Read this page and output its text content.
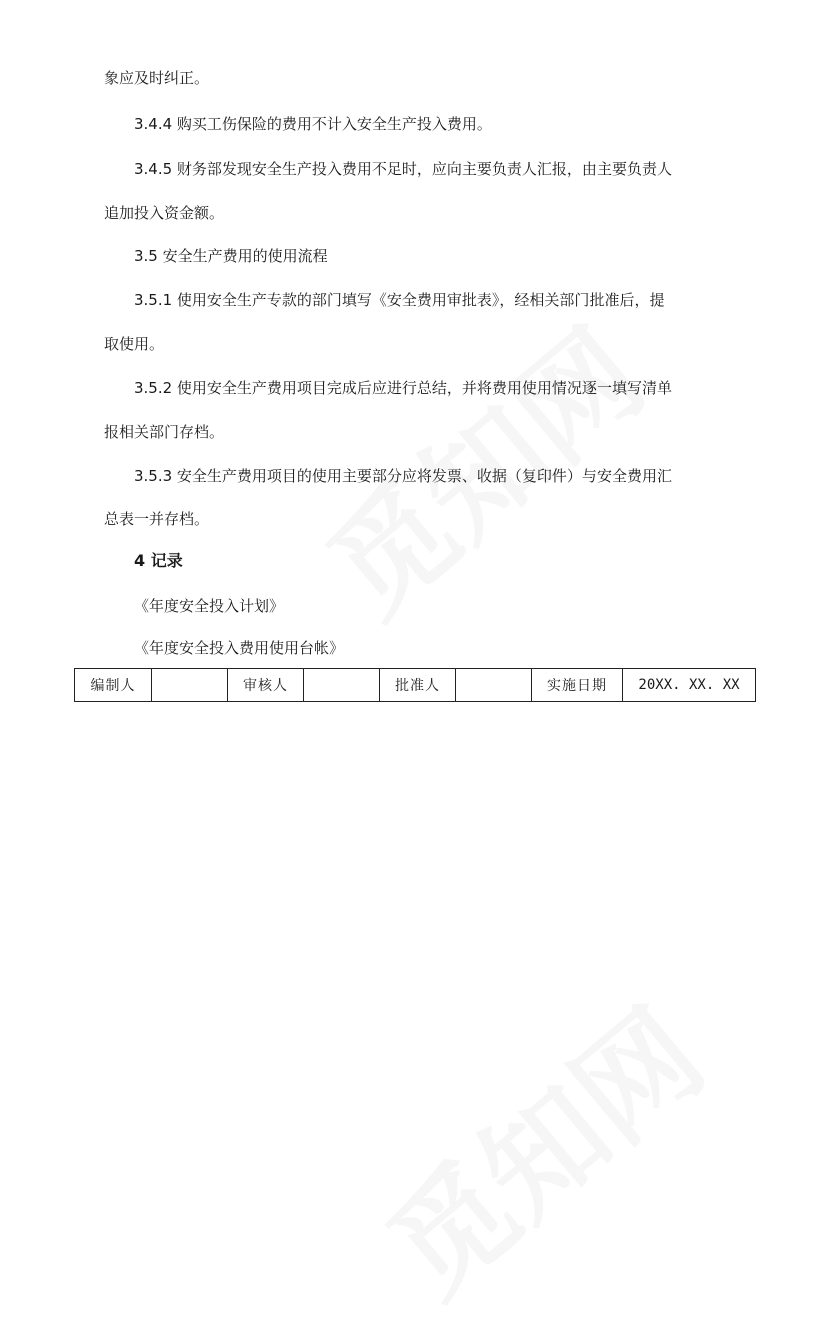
象应及时纠正。
3.4.4 购买工伤保险的费用不计入安全生产投入费用。
3.4.5 财务部发现安全生产投入费用不足时，应向主要负责人汇报，由主要负责人
追加投入资金额。
3.5 安全生产费用的使用流程
3.5.1 使用安全生产专款的部门填写《安全费用审批表》，经相关部门批准后，提
取使用。
3.5.2 使用安全生产费用项目完成后应进行总结，并将费用使用情况逐一填写清单
报相关部门存档。
3.5.3 安全生产费用项目的使用主要部分应将发票、收据（复印件）与安全费用汇
总表一并存档。
4 记录
《年度安全投入计划》
《年度安全投入费用使用台帐》
编制人		审核人		批准人		实施日期	20XX. XX. XX
